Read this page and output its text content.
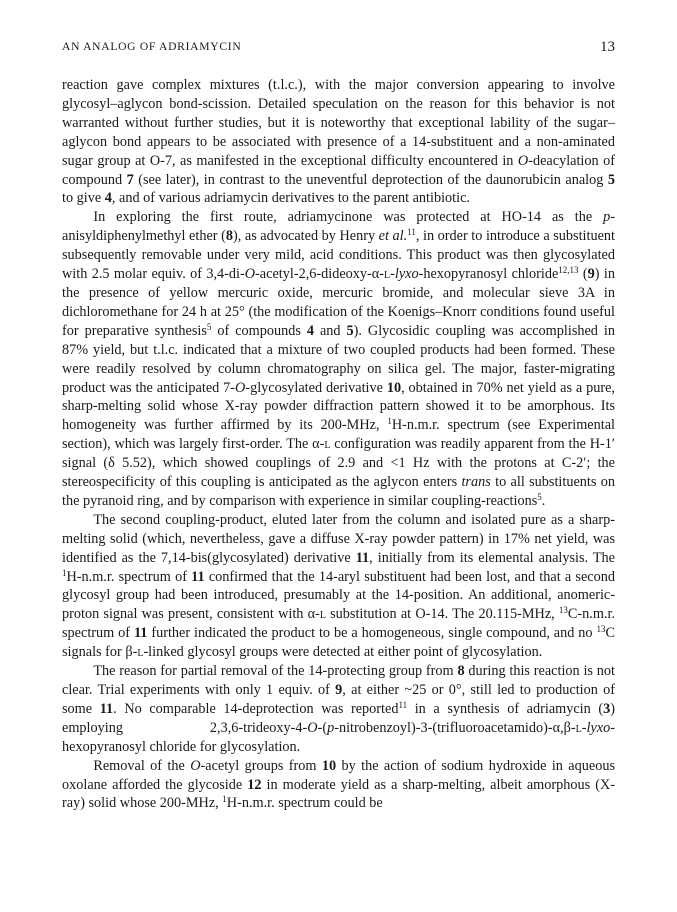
AN ANALOG OF ADRIAMYCIN	13

reaction gave complex mixtures (t.l.c.), with the major conversion appearing to involve glycosyl–aglycon bond-scission. Detailed speculation on the reason for this behavior is not warranted without further studies, but it is noteworthy that exceptional lability of the sugar–aglycon bond appears to be associated with presence of a 14-substituent and a non-aminated sugar group at O-7, as manifested in the exceptional difficulty encountered in O-deacylation of compound 7 (see later), in contrast to the uneventful deprotection of the daunorubicin analog 5 to give 4, and of various adriamycin derivatives to the parent antibiotic.

In exploring the first route, adriamycinone was protected at HO-14 as the p-anisyldiphenylmethyl ether (8), as advocated by Henry et al.$^{11}$, in order to introduce a substituent subsequently removable under very mild, acid conditions. This product was then glycosylated with 2.5 molar equiv. of 3,4-di-O-acetyl-2,6-dideoxy-α-l-lyxo-hexopyranosyl chloride$^{12,13}$ (9) in the presence of yellow mercuric oxide, mercuric bromide, and molecular sieve 3A in dichloromethane for 24 h at 25° (the modification of the Koenigs–Knorr conditions found useful for preparative synthesis$^5$ of compounds 4 and 5). Glycosidic coupling was accomplished in 87% yield, but t.l.c. indicated that a mixture of two coupled products had been formed. These were readily resolved by column chromatography on silica gel. The major, faster-migrating product was the anticipated 7-O-glycosylated derivative 10, obtained in 70% net yield as a pure, sharp-melting solid whose X-ray powder diffraction pattern showed it to be amorphous. Its homogeneity was further affirmed by its 200-MHz, $^1$H-n.m.r. spectrum (see Experimental section), which was largely first-order. The α-l configuration was readily apparent from the H-1′ signal (δ 5.52), which showed couplings of 2.9 and <1 Hz with the protons at C-2′; the stereospecificity of this coupling is anticipated as the aglycon enters trans to all substituents on the pyranoid ring, and by comparison with experience in similar coupling-reactions$^5$.

The second coupling-product, eluted later from the column and isolated pure as a sharp-melting solid (which, nevertheless, gave a diffuse X-ray powder pattern) in 17% net yield, was identified as the 7,14-bis(glycosylated) derivative 11, initially from its elemental analysis. The $^1$H-n.m.r. spectrum of 11 confirmed that the 14-aryl substituent had been lost, and that a second glycosyl group had been introduced, presumably at the 14-position. An additional, anomeric-proton signal was present, consistent with α-l substitution at O-14. The 20.115-MHz, $^{13}$C-n.m.r. spectrum of 11 further indicated the product to be a homogeneous, single compound, and no $^{13}$C signals for β-l-linked glycosyl groups were detected at either point of glycosylation.

The reason for partial removal of the 14-protecting group from 8 during this reaction is not clear. Trial experiments with only 1 equiv. of 9, at either ~25 or 0°, still led to production of some 11. No comparable 14-deprotection was reported$^{11}$ in a synthesis of adriamycin (3) employing 2,3,6-trideoxy-4-O-(p-nitrobenzoyl)-3-(trifluoroacetamido)-α,β-l-lyxo-hexopyranosyl chloride for glycosylation.

Removal of the O-acetyl groups from 10 by the action of sodium hydroxide in aqueous oxolane afforded the glycoside 12 in moderate yield as a sharp-melting, albeit amorphous (X-ray) solid whose 200-MHz, $^1$H-n.m.r. spectrum could be
